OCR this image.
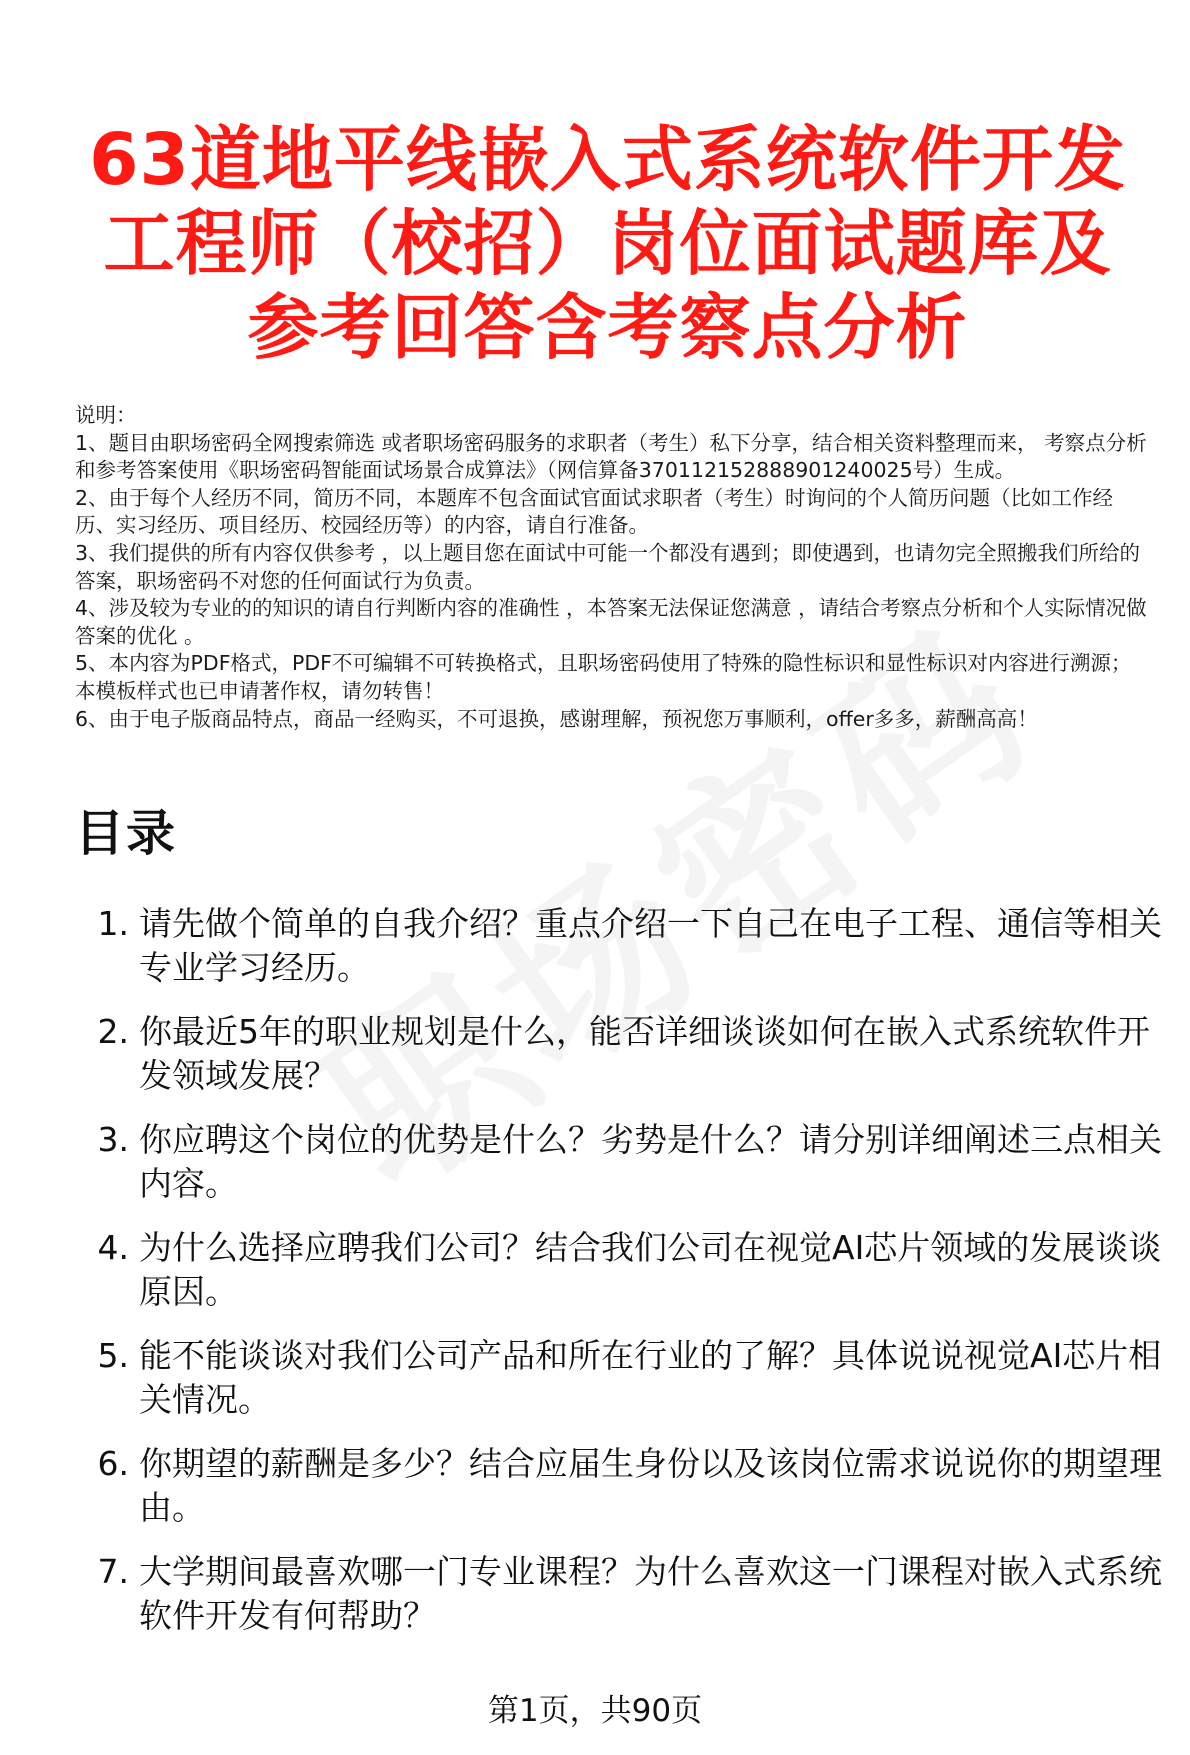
63道地平线嵌入式系统软件开发工程师（校招）岗位面试题库及参考回答含考察点分析

说明：

1、题目由职场密码全网搜索筛选 或者职场密码服务的求职者（考生）私下分享，结合相关资料整理而来， 考察点分析和参考答案使用《职场密码智能面试场景合成算法》（网信算备370112152888901240025号）生成。

2、由于每个人经历不同，简历不同，本题库不包含面试官面试求职者（考生）时询问的个人简历问题（比如工作经历、实习经历、项目经历、校园经历等）的内容，请自行准备。

3、我们提供的所有内容仅供参考 ，以上题目您在面试中可能一个都没有遇到；即使遇到，也请勿完全照搬我们所给的答案，职场密码不对您的任何面试行为负责。

4、涉及较为专业的的知识的请自行判断内容的准确性 ，本答案无法保证您满意 ，请结合考察点分析和个人实际情况做答案的优化 。

5、本内容为PDF格式，PDF不可编辑不可转换格式，且职场密码使用了特殊的隐性标识和显性标识对内容进行溯源；本模板样式也已申请著作权，请勿转售！

6、由于电子版商品特点，商品一经购买，不可退换，感谢理解，预祝您万事顺利，offer多多，薪酬高高！

目录
1. 请先做个简单的自我介绍？重点介绍一下自己在电子工程、通信等相关专业学习经历。
2. 你最近5年的职业规划是什么，能否详细谈谈如何在嵌入式系统软件开发领域发展？
3. 你应聘这个岗位的优势是什么？劣势是什么？请分别详细阐述三点相关内容。
4. 为什么选择应聘我们公司？结合我们公司在视觉AI芯片领域的发展谈谈原因。
5. 能不能谈谈对我们公司产品和所在行业的了解？具体说说视觉AI芯片相关情况。
6. 你期望的薪酬是多少？结合应届生身份以及该岗位需求说说你的期望理由。
7. 大学期间最喜欢哪一门专业课程？为什么喜欢这一门课程对嵌入式系统软件开发有何帮助？
第1页，共90页
